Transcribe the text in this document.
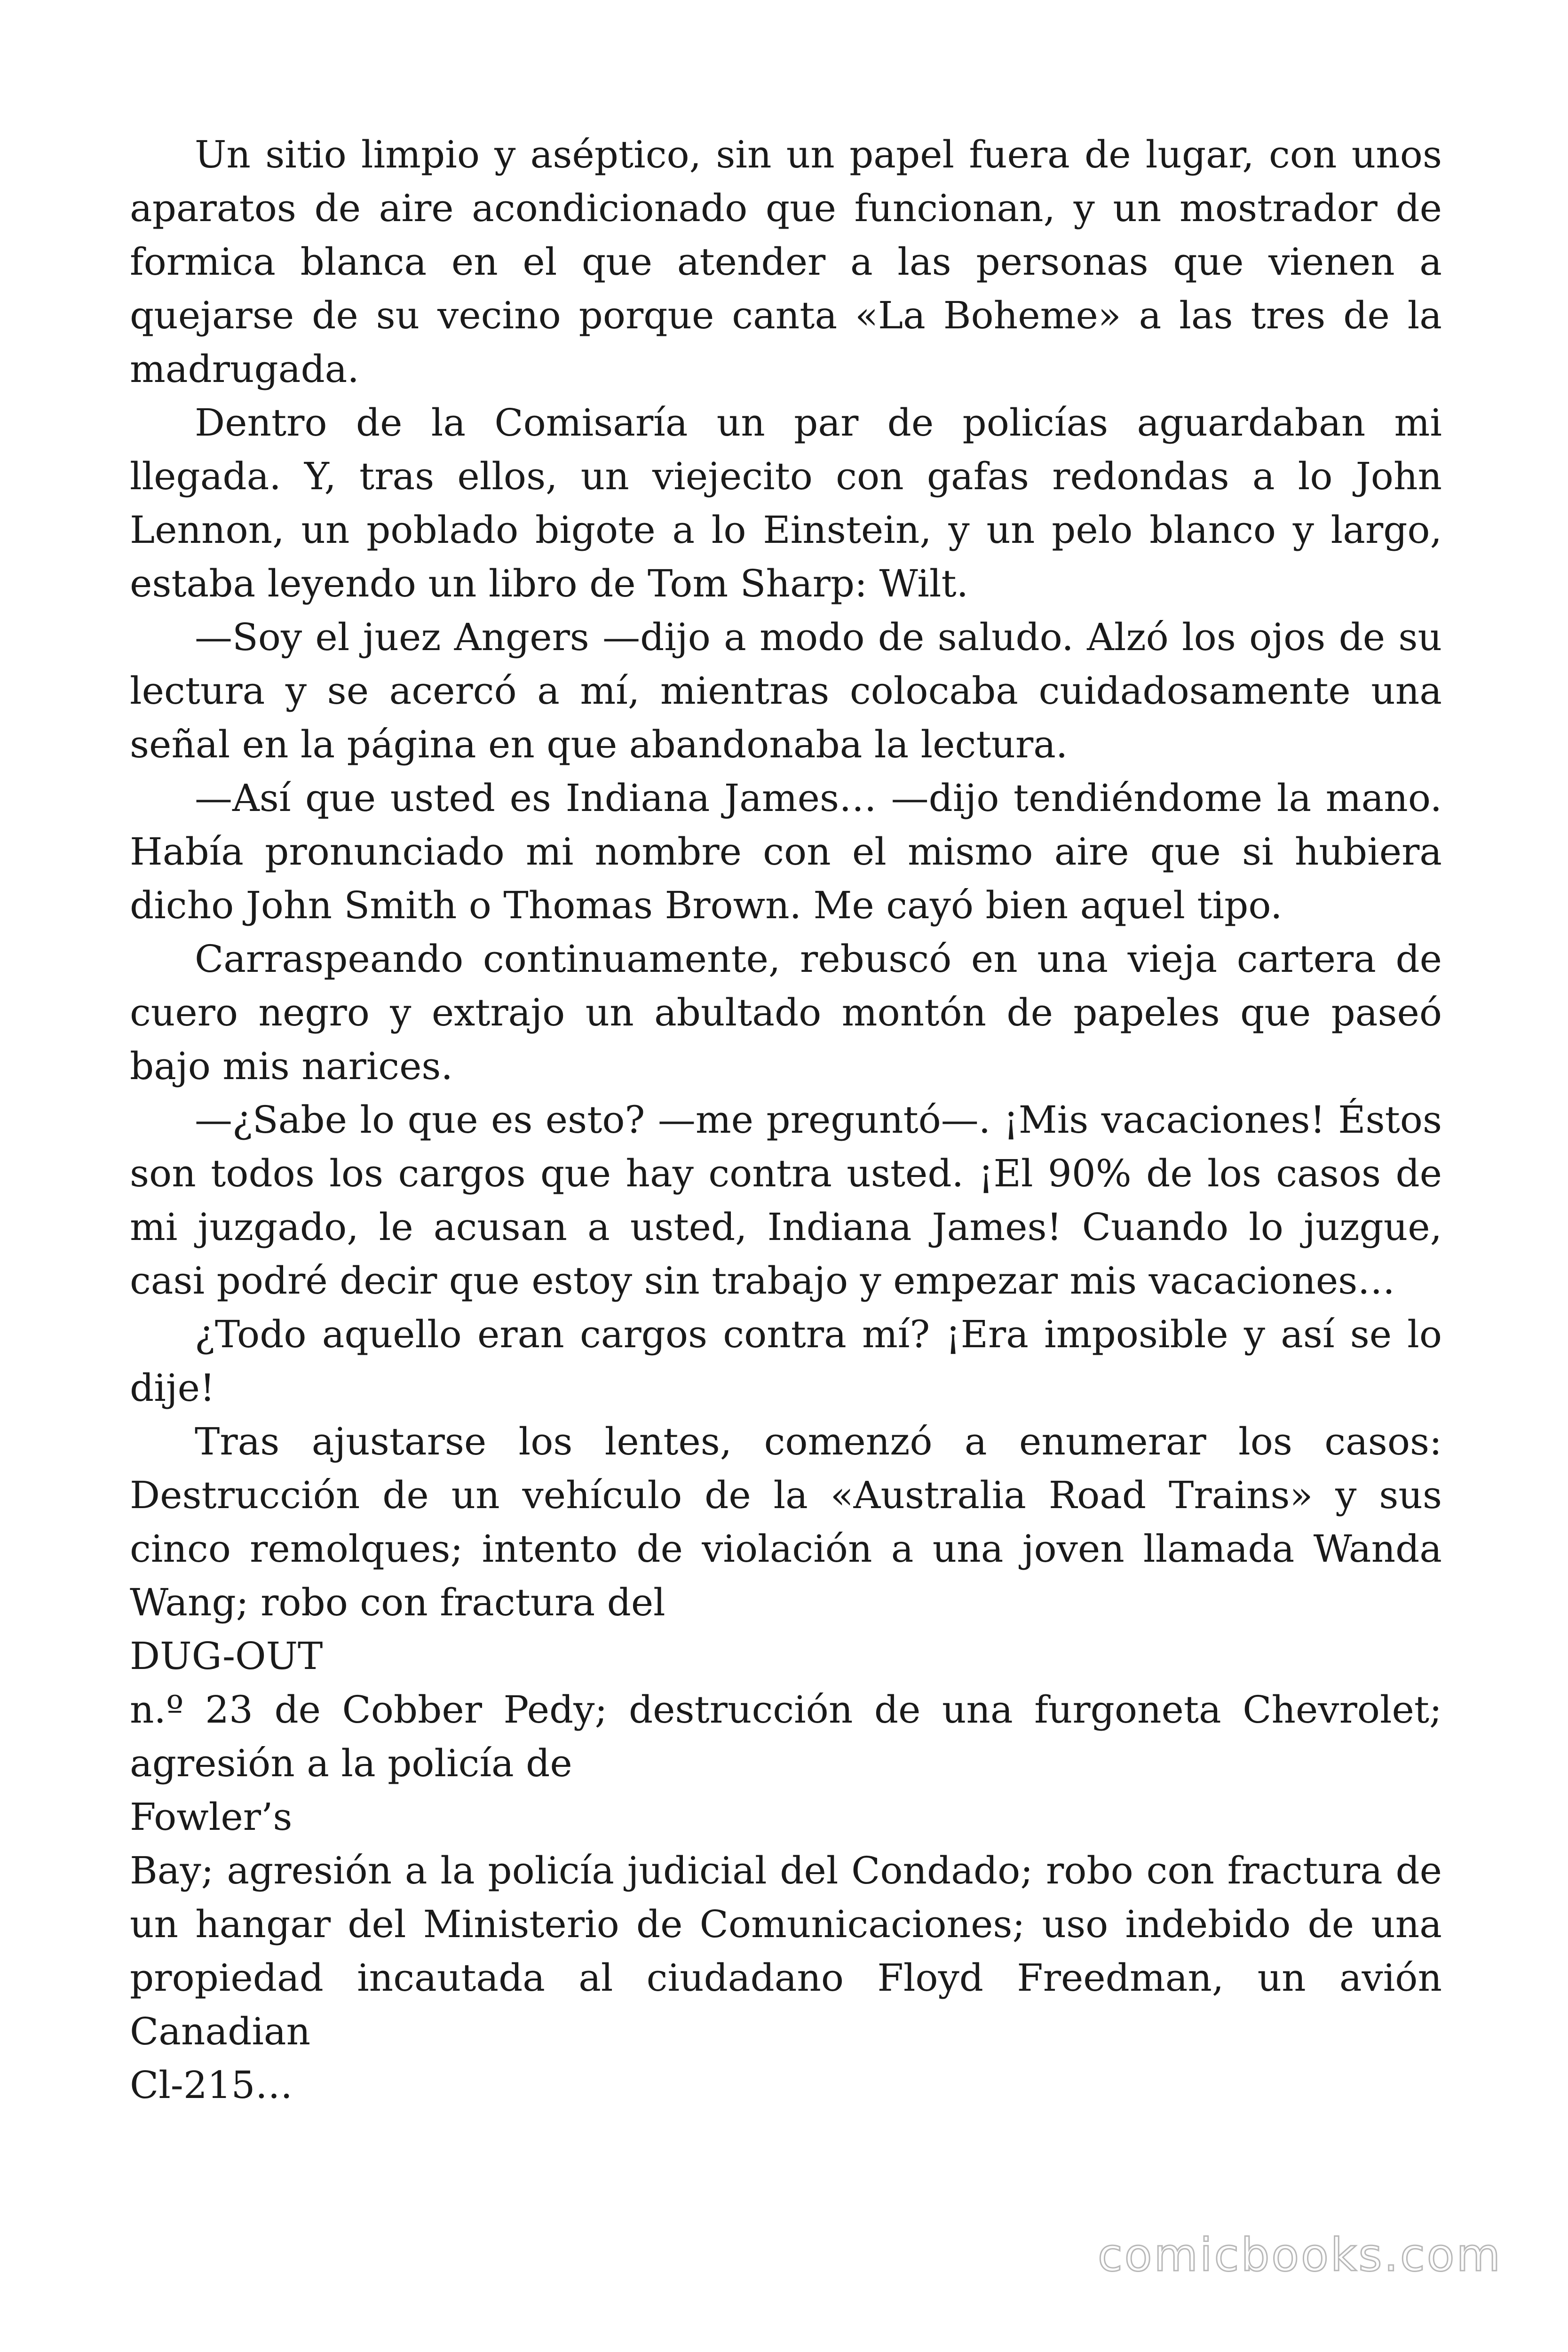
Un sitio limpio y aséptico, sin un papel fuera de lugar, con unos aparatos de aire acondicionado que funcionan, y un mostrador de formica blanca en el que atender a las personas que vienen a quejarse de su vecino porque canta «La Boheme» a las tres de la madrugada.

Dentro de la Comisaría un par de policías aguardaban mi llegada. Y, tras ellos, un viejecito con gafas redondas a lo John Lennon, un poblado bigote a lo Einstein, y un pelo blanco y largo, estaba leyendo un libro de Tom Sharp: Wilt.

—Soy el juez Angers —dijo a modo de saludo. Alzó los ojos de su lectura y se acercó a mí, mientras colocaba cuidadosamente una señal en la página en que abandonaba la lectura.

—Así que usted es Indiana James… —dijo tendiéndome la mano. Había pronunciado mi nombre con el mismo aire que si hubiera dicho John Smith o Thomas Brown. Me cayó bien aquel tipo.

Carraspeando continuamente, rebuscó en una vieja cartera de cuero negro y extrajo un abultado montón de papeles que paseó bajo mis narices.

—¿Sabe lo que es esto? —me preguntó—. ¡Mis vacaciones! Éstos son todos los cargos que hay contra usted. ¡El 90% de los casos de mi juzgado, le acusan a usted, Indiana James! Cuando lo juzgue, casi podré decir que estoy sin trabajo y empezar mis vacaciones…

¿Todo aquello eran cargos contra mí? ¡Era imposible y así se lo dije!

Tras ajustarse los lentes, comenzó a enumerar los casos: Destrucción de un vehículo de la «Australia Road Trains» y sus cinco remolques; intento de violación a una joven llamada Wanda Wang; robo con fractura del

DUG-OUT

n.º 23 de Cobber Pedy; destrucción de una furgoneta Chevrolet; agresión a la policía de

Fowler’s

Bay; agresión a la policía judicial del Condado; robo con fractura de un hangar del Ministerio de Comunicaciones; uso indebido de una propiedad incautada al ciudadano Floyd Freedman, un avión Canadian

Cl-215…

comicbooks.com
